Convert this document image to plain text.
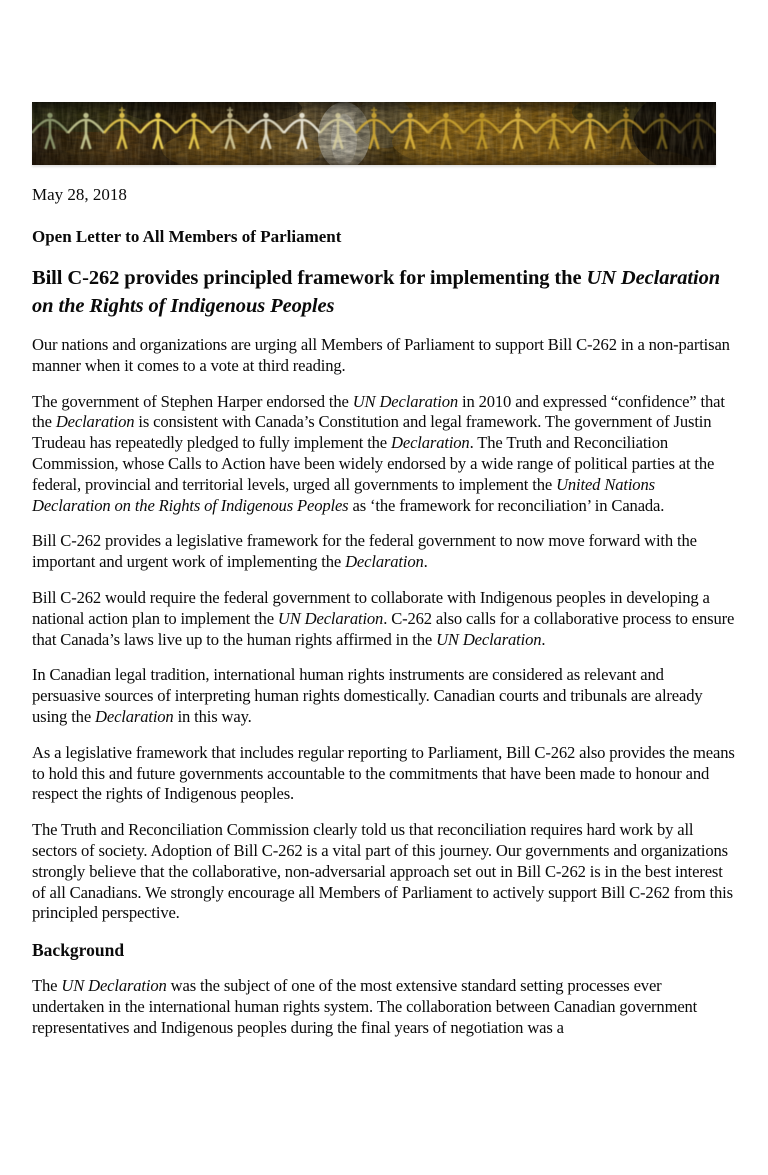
May 28, 2018

Open Letter to All Members of Parliament

Bill C-262 provides principled framework for implementing the UN Declaration on the Rights of Indigenous Peoples

Our nations and organizations are urging all Members of Parliament to support Bill C-262 in a non-partisan manner when it comes to a vote at third reading.

The government of Stephen Harper endorsed the UN Declaration in 2010 and expressed “confidence” that the Declaration is consistent with Canada’s Constitution and legal framework. The government of Justin Trudeau has repeatedly pledged to fully implement the Declaration. The Truth and Reconciliation Commission, whose Calls to Action have been widely endorsed by a wide range of political parties at the federal, provincial and territorial levels, urged all governments to implement the United Nations Declaration on the Rights of Indigenous Peoples as ‘the framework for reconciliation’ in Canada.

Bill C-262 provides a legislative framework for the federal government to now move forward with the important and urgent work of implementing the Declaration.

Bill C-262 would require the federal government to collaborate with Indigenous peoples in developing a national action plan to implement the UN Declaration. C-262 also calls for a collaborative process to ensure that Canada’s laws live up to the human rights affirmed in the UN Declaration.

In Canadian legal tradition, international human rights instruments are considered as relevant and persuasive sources of interpreting human rights domestically. Canadian courts and tribunals are already using the Declaration in this way.

As a legislative framework that includes regular reporting to Parliament, Bill C-262 also provides the means to hold this and future governments accountable to the commitments that have been made to honour and respect the rights of Indigenous peoples.

The Truth and Reconciliation Commission clearly told us that reconciliation requires hard work by all sectors of society. Adoption of Bill C-262 is a vital part of this journey. Our governments and organizations strongly believe that the collaborative, non-adversarial approach set out in Bill C-262 is in the best interest of all Canadians. We strongly encourage all Members of Parliament to actively support Bill C-262 from this principled perspective.

Background

The UN Declaration was the subject of one of the most extensive standard setting processes ever undertaken in the international human rights system. The collaboration between Canadian government representatives and Indigenous peoples during the final years of negotiation was a
